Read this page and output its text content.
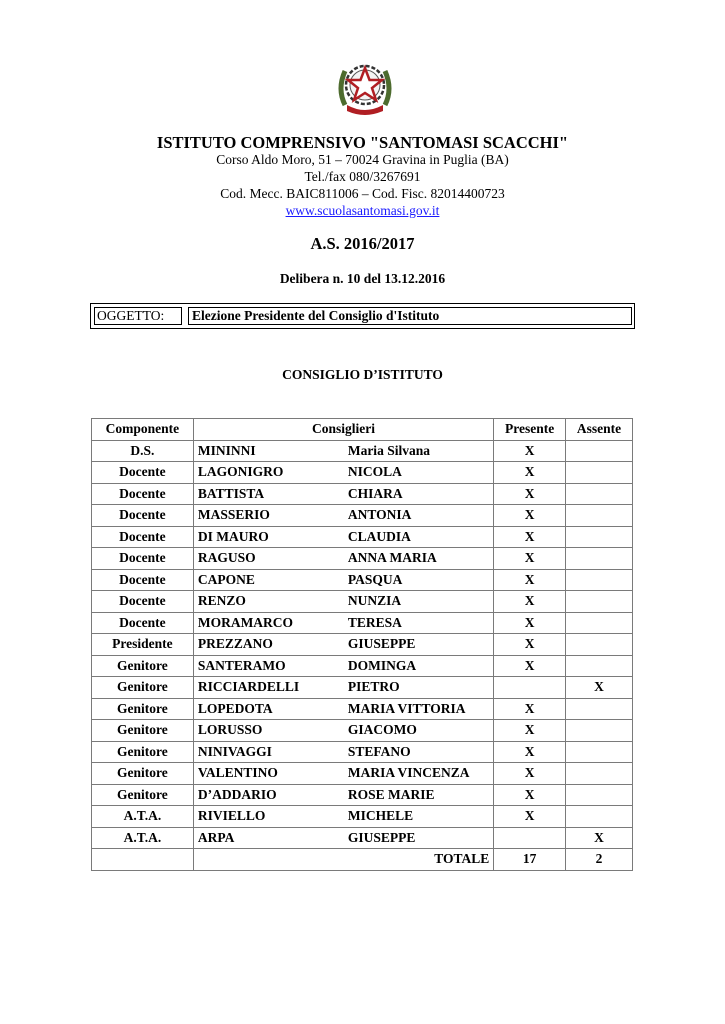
ISTITUTO COMPRENSIVO "SANTOMASI SCACCHI"
Corso Aldo Moro, 51 – 70024 Gravina in Puglia (BA)
Tel./fax 080/3267691
Cod. Mecc. BAIC811006 – Cod. Fisc. 82014400723
www.scuolasantomasi.gov.it
A.S. 2016/2017
Delibera n. 10 del 13.12.2016
OGGETTO:	Elezione Presidente del Consiglio d'Istituto
CONSIGLIO D’ISTITUTO
Componente	Consiglieri	Presente	Assente
D.S.	MININNI Maria Silvana	X	
Docente	LAGONIGRO NICOLA	X	
Docente	BATTISTA CHIARA	X	
Docente	MASSERIO ANTONIA	X	
Docente	DI MAURO CLAUDIA	X	
Docente	RAGUSO ANNA MARIA	X	
Docente	CAPONE PASQUA	X	
Docente	RENZO NUNZIA	X	
Docente	MORAMARCO TERESA	X	
Presidente	PREZZANO GIUSEPPE	X	
Genitore	SANTERAMO DOMINGA	X	
Genitore	RICCIARDELLI PIETRO		X
Genitore	LOPEDOTA MARIA VITTORIA	X	
Genitore	LORUSSO GIACOMO	X	
Genitore	NINIVAGGI STEFANO	X	
Genitore	VALENTINO MARIA VINCENZA	X	
Genitore	D’ADDARIO ROSE MARIE	X	
A.T.A.	RIVIELLO MICHELE	X	
A.T.A.	ARPA GIUSEPPE		X
	TOTALE	17	2
